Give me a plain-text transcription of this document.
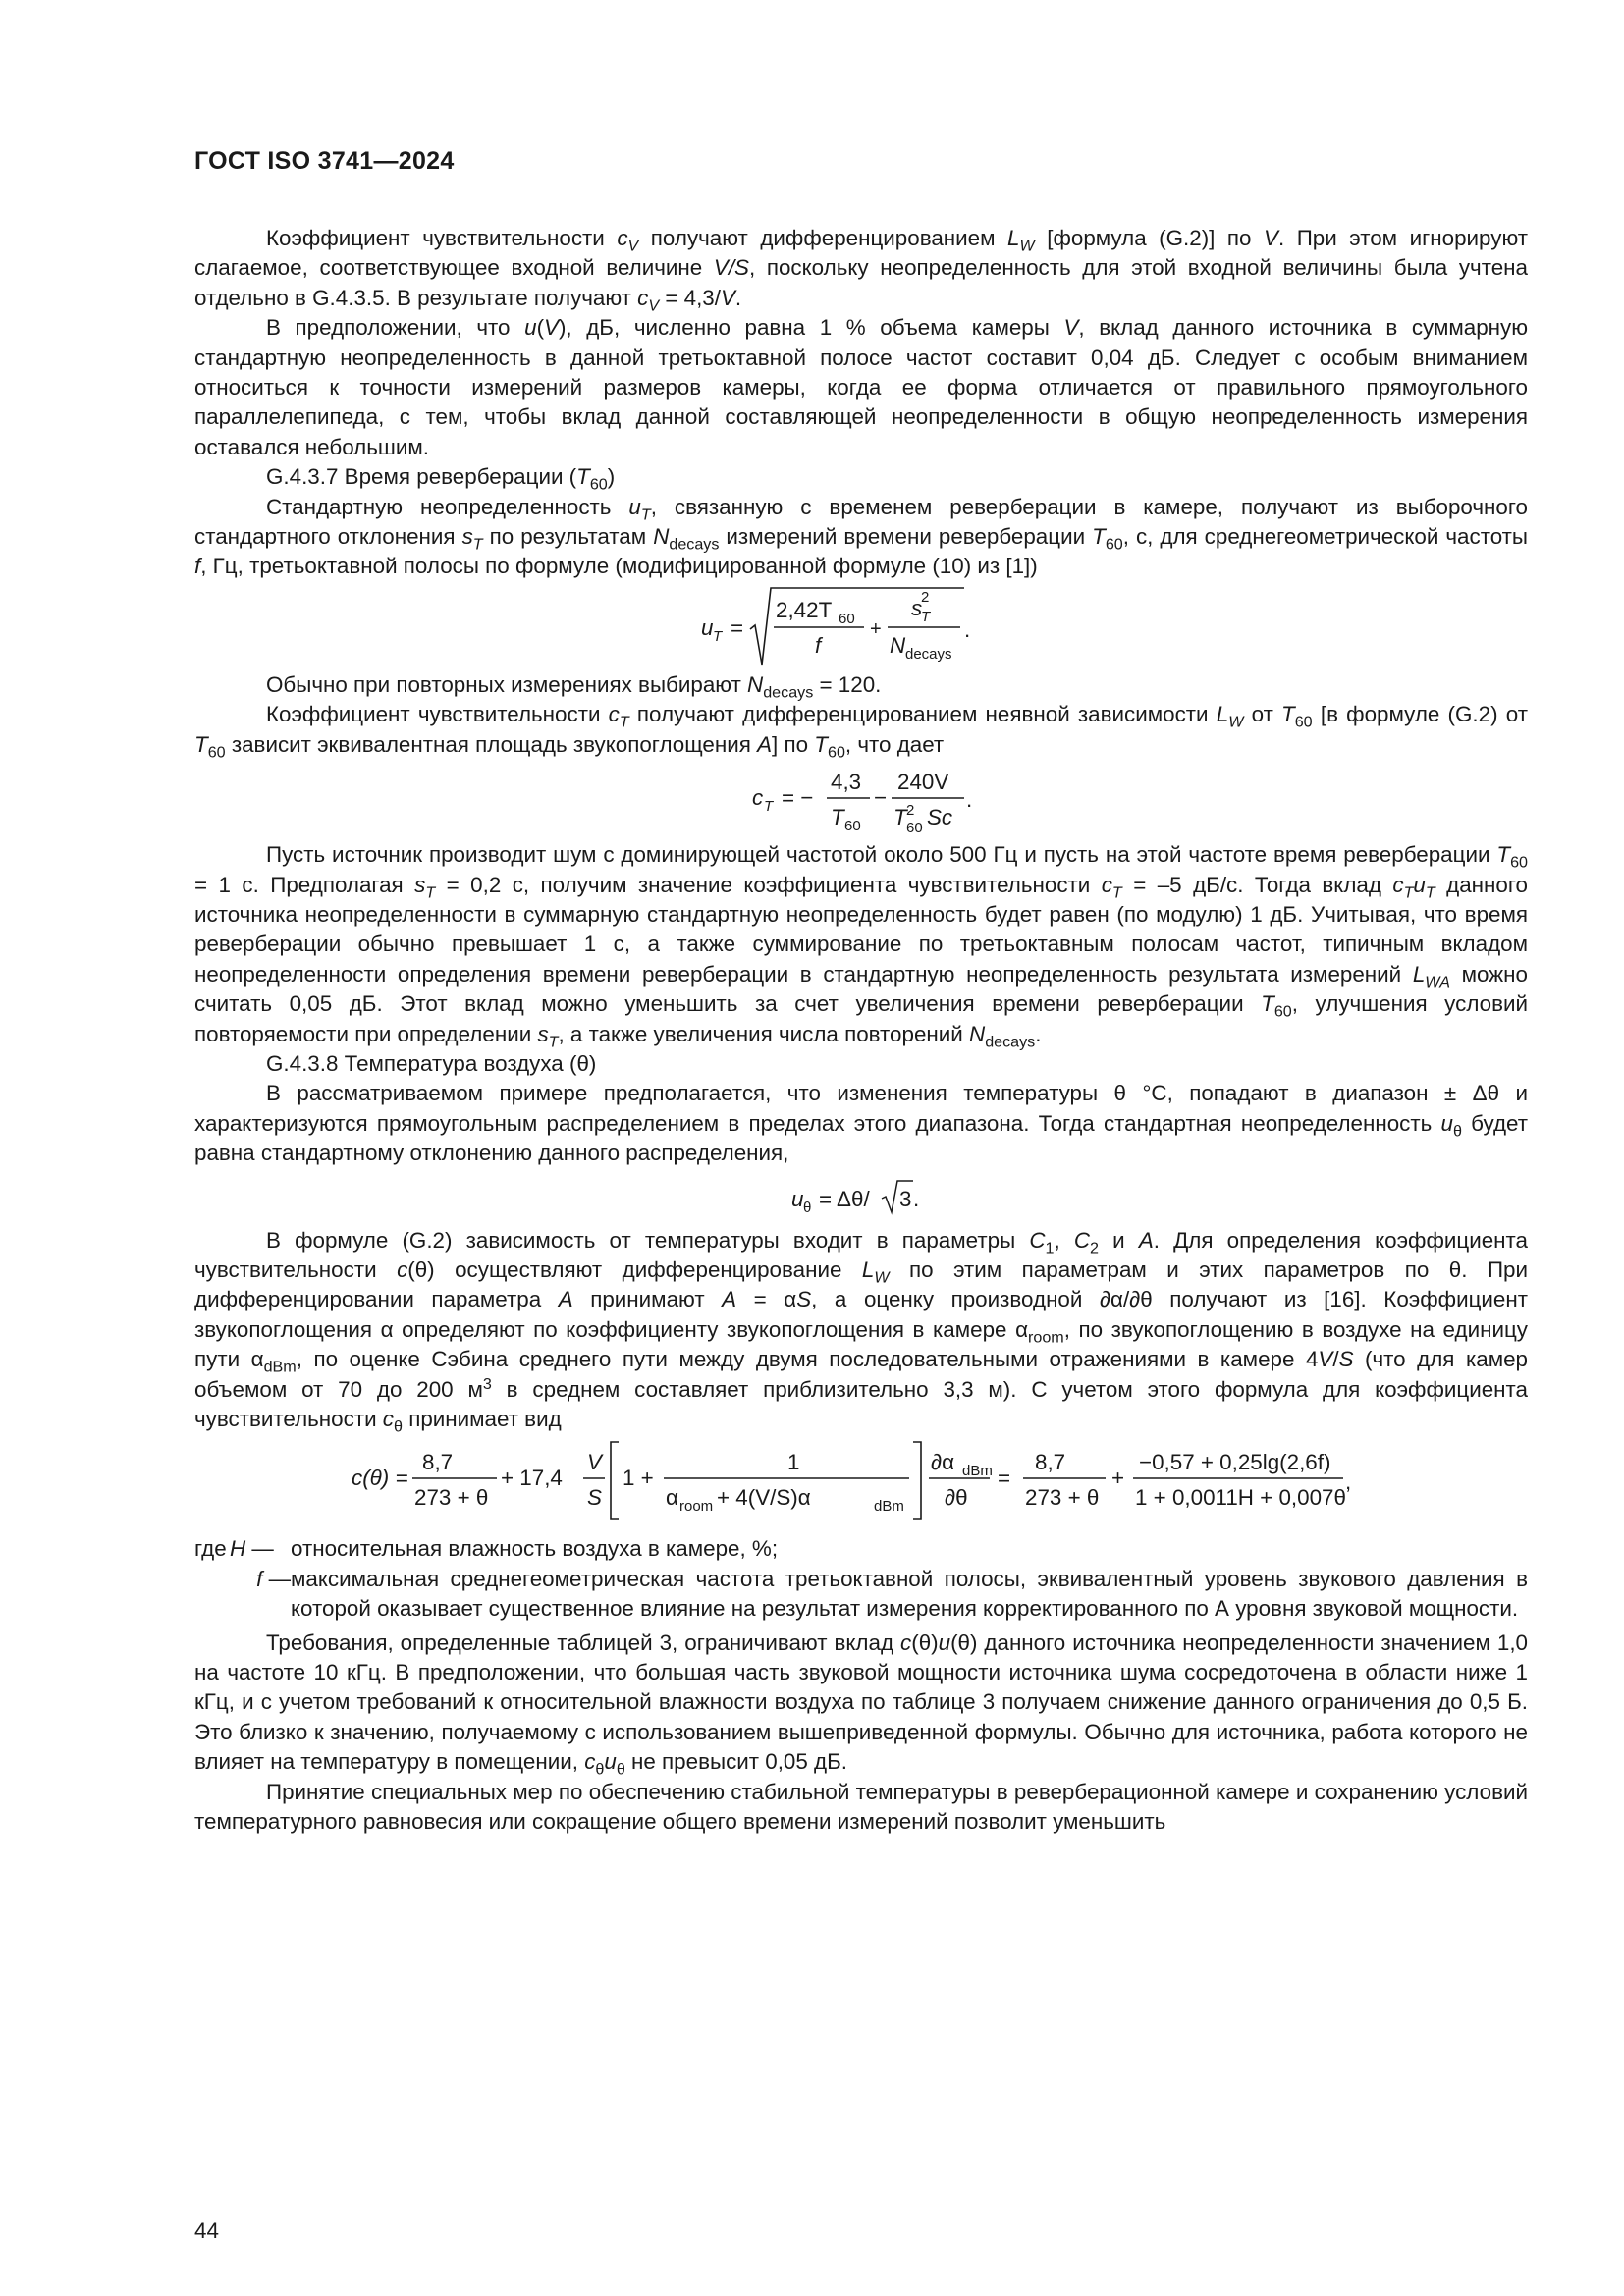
ГОСТ ISO 3741—2024

Коэффициент чувствительности $c_V$ получают дифференцированием $L_W$ [формула (G.2)] по V. При этом игнорируют слагаемое, соответствующее входной величине V/S, поскольку неопределенность для этой входной величины была учтена отдельно в G.4.3.5. В результате получают $c_V = 4,3/V$.

В предположении, что u(V), дБ, численно равна 1 % объема камеры V, вклад данного источника в суммарную стандартную неопределенность в данной третьоктавной полосе частот составит 0,04 дБ. Следует с особым вниманием относиться к точности измерений размеров камеры, когда ее форма отличается от правильного прямоугольного параллелепипеда, с тем, чтобы вклад данной составляющей неопределенности в общую неопределенность измерения оставался небольшим.

G.4.3.7 Время реверберации $(T_{60})$

Стандартную неопределенность $u_T$, связанную с временем реверберации в камере, получают из выборочного стандартного отклонения $s_T$ по результатам $N_{decays}$ измерений времени реверберации $T_{60}$, с, для среднегеометрической частоты f, Гц, третьоктавной полосы по формуле (модифицированной формуле (10) из [1])

u T =
2,42T 60
f
+
s
2
T
N decays
.

Обычно при повторных измерениях выбирают $N_{decays} = 120$.

Коэффициент чувствительности $c_T$ получают дифференцированием неявной зависимости $L_W$ от $T_{60}$ [в формуле (G.2) от $T_{60}$ зависит эквивалентная площадь звукопоглощения A] по $T_{60}$, что дает

c T = −
4,3
T 60
−
240V
T 2
60 Sc
.

Пусть источник производит шум с доминирующей частотой около 500 Гц и пусть на этой частоте время реверберации $T_{60} = 1$ с. Предполагая $s_T = 0,2$ с, получим значение коэффициента чувствительности $c_T = -5$ дБ/с. Тогда вклад $c_Tu_T$ данного источника неопределенности в суммарную стандартную неопределенность будет равен (по модулю) 1 дБ. Учитывая, что время реверберации обычно превышает 1 с, а также суммирование по третьоктавным полосам частот, типичным вкладом неопределенности определения времени реверберации в стандартную неопределенность результата измерений $L_{WA}$ можно считать 0,05 дБ. Этот вклад можно уменьшить за счет увеличения времени реверберации $T_{60}$, улучшения условий повторяемости при определении $s_T$, а также увеличения числа повторений $N_{decays}$.

G.4.3.8 Температура воздуха (θ)

В рассматриваемом примере предполагается, что изменения температуры θ °С, попадают в диапазон ± Δθ и характеризуются прямоугольным распределением в пределах этого диапазона. Тогда стандартная неопределенность $u_\theta$ будет равна стандартному отклонению данного распределения,

u θ = Δθ/ 3 .

В формуле (G.2) зависимость от температуры входит в параметры $C_1$, $C_2$ и A. Для определения коэффициента чувствительности c(θ) осуществляют дифференцирование $L_W$ по этим параметрам и этих параметров по θ. При дифференцировании параметра A принимают A = αS, а оценку производной ∂α/∂θ получают из [16]. Коэффициент звукопоглощения α определяют по коэффициенту звукопоглощения в камере $\alpha_{room}$, по звукопоглощению в воздухе на единицу пути $\alpha_{dBm}$, по оценке Сэбина среднего пути между двумя последовательными отражениями в камере 4V/S (что для камер объемом от 70 до 200 $м^3$ в среднем составляет приблизительно 3,3 м). С учетом этого формула для коэффициента чувствительности $c_\theta$ принимает вид

c(θ) =
8,7
273 + θ
+ 17,4
V
S
1 +
1
α room + 4(V/S)α	dBm
∂α dBm
∂θ
=
8,7
273 + θ
+
−0,57 + 0,25lg(2,6f)
1 + 0,0011H + 0,007θ
,
где H — относительная влажность воздуха в камере, %;
f — максимальная среднегеометрическая частота третьоктавной полосы, эквивалентный уровень звукового давления в которой оказывает существенное влияние на результат измерения корректированного по А уровня звуковой мощности.

Требования, определенные таблицей 3, ограничивают вклад c(θ)u(θ) данного источника неопределенности значением 1,0 на частоте 10 кГц. В предположении, что большая часть звуковой мощности источника шума сосредоточена в области ниже 1 кГц, и с учетом требований к относительной влажности воздуха по таблице 3 получаем снижение данного ограничения до 0,5 Б. Это близко к значению, получаемому с использованием вышеприведенной формулы. Обычно для источника, работа которого не влияет на температуру в помещении, $c_\theta u_\theta$ не превысит 0,05 дБ.

Принятие специальных мер по обеспечению стабильной температуры в реверберационной камере и сохранению условий температурного равновесия или сокращение общего времени измерений позволит уменьшить

44
